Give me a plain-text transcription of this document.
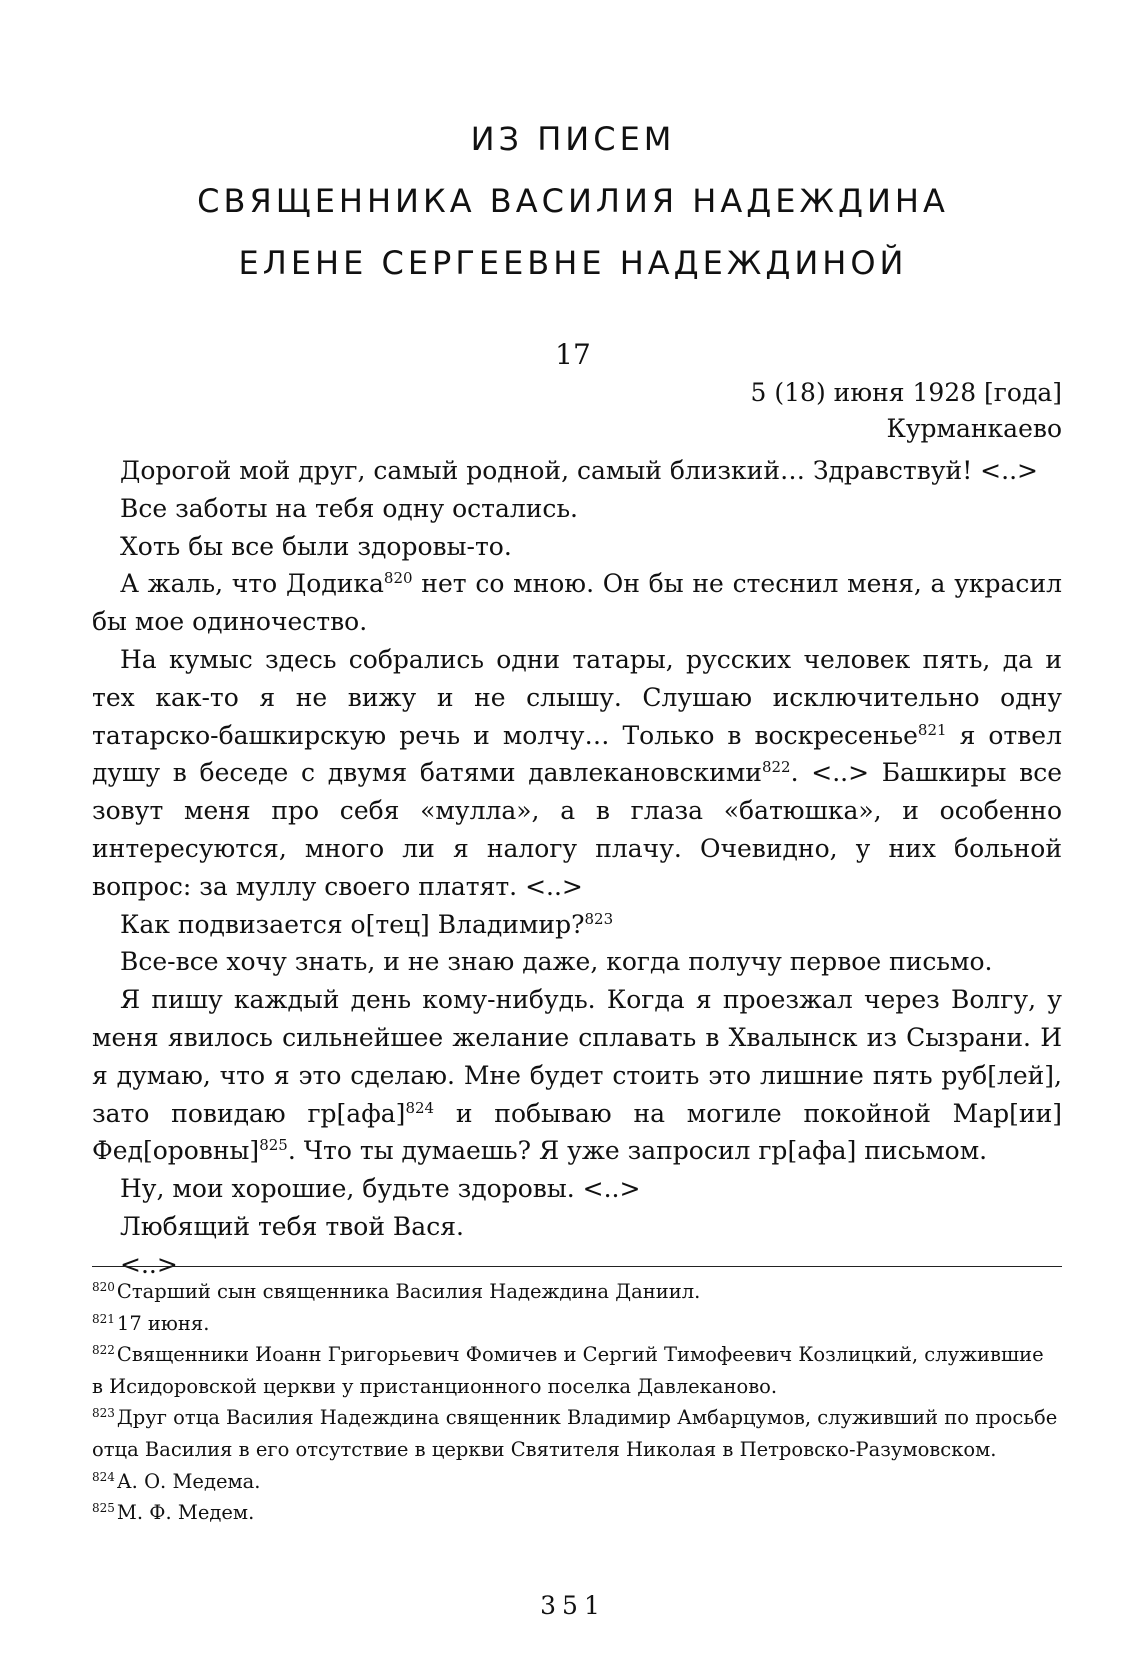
ИЗ ПИСЕМ

СВЯЩЕННИКА ВАСИЛИЯ НАДЕЖДИНА

ЕЛЕНЕ СЕРГЕЕВНЕ НАДЕЖДИНОЙ

17
5 (18) июня 1928 [года]
Курманкаево

Дорогой мой друг, самый родной, самый близкий… Здравствуй! <..>

Все заботы на тебя одну остались.

Хоть бы все были здоровы-то.

А жаль, что Додика$^{820}$ нет со мною. Он бы не стеснил меня, а украсил бы мое одиночество.

На кумыс здесь собрались одни татары, русских человек пять, да и тех как-то я не вижу и не слышу. Слушаю исключительно одну татарско-башкирскую речь и молчу… Только в воскресенье$^{821}$ я отвел душу в беседе с двумя батями давлекановскими$^{822}$. <..> Башкиры все зовут меня про себя «мулла», а в глаза «батюшка», и особенно интересуются, много ли я налогу плачу. Очевидно, у них больной вопрос: за муллу своего платят. <..>

Как подвизается о[тец] Владимир?$^{823}$

Все-все хочу знать, и не знаю даже, когда получу первое письмо.

Я пишу каждый день кому-нибудь. Когда я проезжал через Волгу, у меня явилось сильнейшее желание сплавать в Хвалынск из Сызрани. И я думаю, что я это сделаю. Мне будет стоить это лишние пять руб[лей], зато повидаю гр[афа]$^{824}$ и побываю на могиле покойной Мар[ии] Фед[оровны]$^{825}$. Что ты думаешь? Я уже запросил гр[афа] письмом.

Ну, мои хорошие, будьте здоровы. <..>

Любящий тебя твой Вася.

<..>

$^{820}$ Старший сын священника Василия Надеждина Даниил.

$^{821}$ 17 июня.

$^{822}$ Священники Иоанн Григорьевич Фомичев и Сергий Тимофеевич Козлицкий, служившие

в Исидоровской церкви у пристанционного поселка Давлеканово.

$^{823}$ Друг отца Василия Надеждина священник Владимир Амбарцумов, служивший по просьбе

отца Василия в его отсутствие в церкви Святителя Николая в Петровско-Разумовском.

$^{824}$ А. О. Медема.

$^{825}$ М. Ф. Медем.

351
